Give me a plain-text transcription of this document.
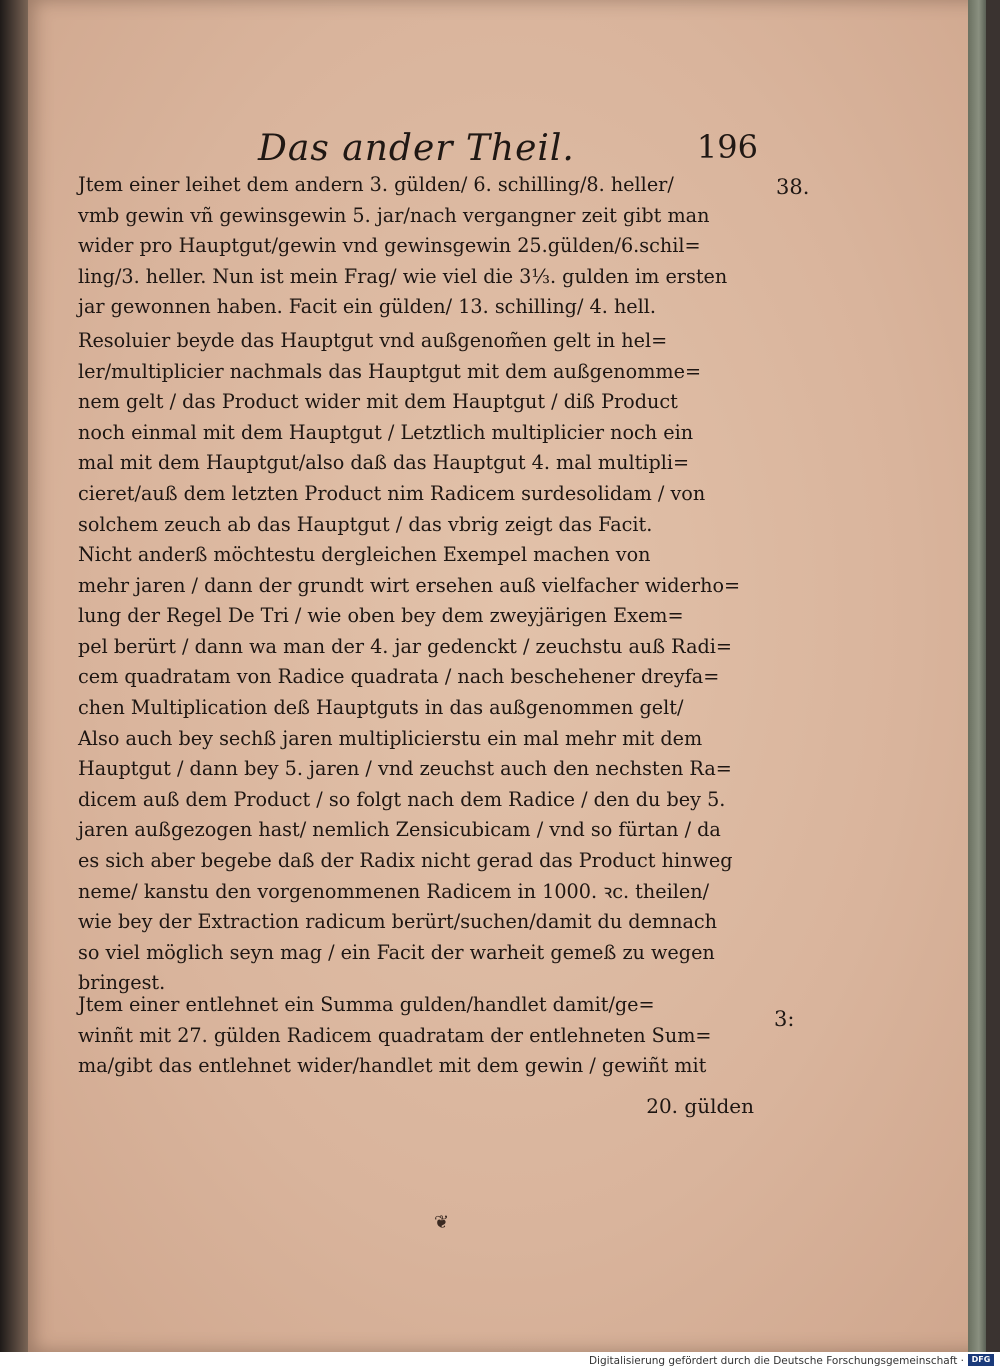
Das ander Theil.	196
38.
3:
Jtem einer leihet dem andern 3. gülden/ 6. schilling/8. heller/
vmb gewin vñ gewinsgewin 5. jar/nach vergangner zeit gibt man
wider pro Hauptgut/gewin vnd gewinsgewin 25.gülden/6.schil=
ling/3. heller. Nun ist mein Frag/ wie viel die 3⅓. gulden im ersten
jar gewonnen haben. Facit ein gülden/ 13. schilling/ 4. hell.
Resoluier beyde das Hauptgut vnd außgenom̃en gelt in hel=
ler/multiplicier nachmals das Hauptgut mit dem außgenomme=
nem gelt / das Product wider mit dem Hauptgut / diß Product
noch einmal mit dem Hauptgut / Letztlich multiplicier noch ein
mal mit dem Hauptgut/also daß das Hauptgut 4. mal multipli=
cieret/auß dem letzten Product nim Radicem surdesolidam / von
solchem zeuch ab das Hauptgut / das vbrig zeigt das Facit.
Nicht anderß möchtestu dergleichen Exempel machen von
mehr jaren / dann der grundt wirt ersehen auß vielfacher widerho=
lung der Regel De Tri / wie oben bey dem zweyjärigen Exem=
pel berürt / dann wa man der 4. jar gedenckt / zeuchstu auß Radi=
cem quadratam von Radice quadrata / nach beschehener dreyfa=
chen Multiplication deß Hauptguts in das außgenommen gelt/
Also auch bey sechß jaren multiplicierstu ein mal mehr mit dem
Hauptgut / dann bey 5. jaren / vnd zeuchst auch den nechsten Ra=
dicem auß dem Product / so folgt nach dem Radice / den du bey 5.
jaren außgezogen hast/ nemlich Zensicubicam / vnd so fürtan / da
es sich aber begebe daß der Radix nicht gerad das Product hinweg
neme/ kanstu den vorgenommenen Radicem in 1000. ꝛc. theilen/
wie bey der Extraction radicum berürt/suchen/damit du demnach
so viel möglich seyn mag / ein Facit der warheit gemeß zu wegen
bringest.
Jtem einer entlehnet ein Summa gulden/handlet damit/ge=
winñt mit 27. gülden Radicem quadratam der entlehneten Sum=
ma/gibt das entlehnet wider/handlet mit dem gewin / gewiñt mit
20. gülden
❦
Digitalisierung gefördert durch die Deutsche Forschungsgemeinschaft · DFG
